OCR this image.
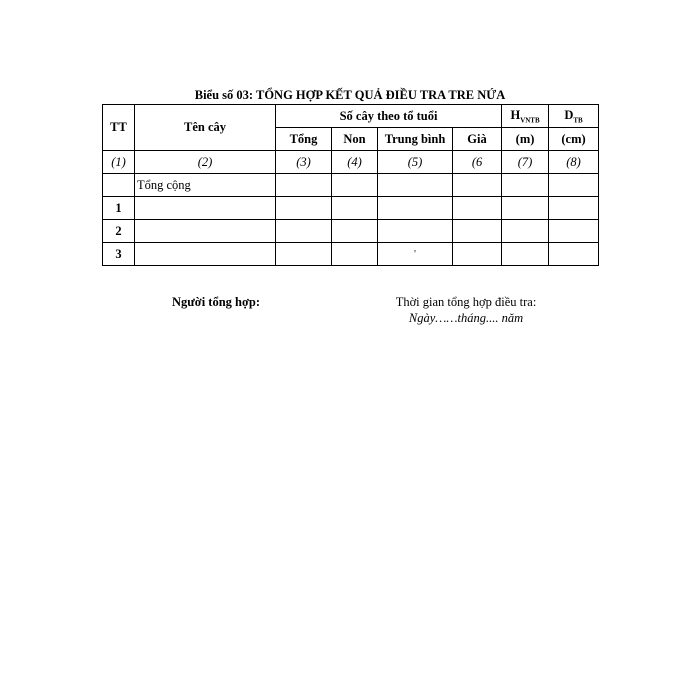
Biểu số 03: TỔNG HỢP KẾT QUẢ ĐIỀU TRA TRE NỨA
TT	Tên cây	Số cây theo tổ tuổi				$H_{VNTB}$	$D_{TB}$
		Tổng	Non	Trung bình	Già	(m)	(cm)
(1)	(2)	(3)	(4)	(5)	(6	(7)	(8)
	Tổng cộng						
1							
2							
3				'			
Người tổng hợp:	Thời gian tổng hợp điều tra:
Ngày……tháng.... năm
